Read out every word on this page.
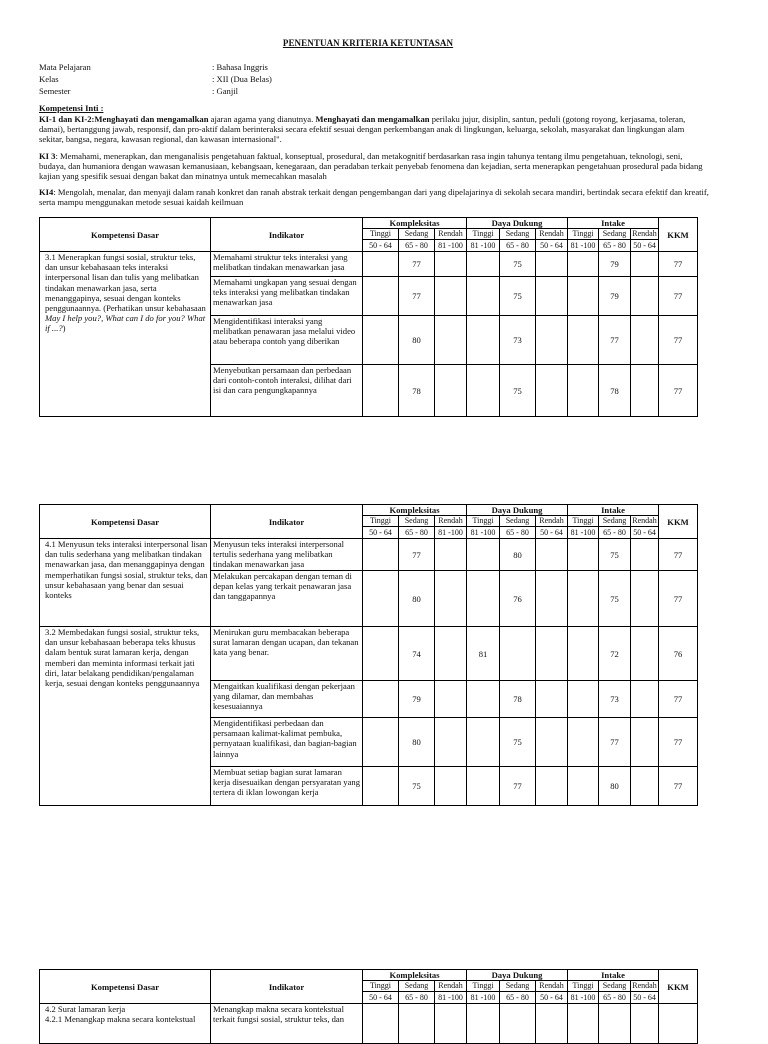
PENENTUAN KRITERIA KETUNTASAN
Mata Pelajaran	: Bahasa Inggris
Kelas	: XII (Dua Belas)
Semester	: Ganjil
Kompetensi Inti :
KI-1 dan KI-2:Menghayati dan mengamalkan ajaran agama yang dianutnya. Menghayati dan mengamalkan perilaku jujur, disiplin, santun, peduli (gotong royong, kerjasama, toleran, damai), bertanggung jawab, responsif, dan pro-aktif dalam berinteraksi secara efektif sesuai dengan perkembangan anak di lingkungan, keluarga, sekolah, masyarakat dan lingkungan alam sekitar, bangsa, negara, kawasan regional, dan kawasan internasional".
KI 3: Memahami, menerapkan, dan menganalisis pengetahuan faktual, konseptual, prosedural, dan metakognitif berdasarkan rasa ingin tahunya tentang ilmu pengetahuan, teknologi, seni, budaya, dan humaniora dengan wawasan kemanusiaan, kebangsaan, kenegaraan, dan peradaban terkait penyebab fenomena dan kejadian, serta menerapkan pengetahuan prosedural pada bidang kajian yang spesifik sesuai dengan bakat dan minatnya untuk memecahkan masalah
KI4: Mengolah, menalar, dan menyaji dalam ranah konkret dan ranah abstrak terkait dengan pengembangan dari yang dipelajarinya di sekolah secara mandiri, bertindak secara efektif dan kreatif, serta mampu menggunakan metode sesuai kaidah keilmuan
Kompetensi Dasar	Indikator	Kompleksitas			Daya Dukung			Intake			KKM
		Tinggi	Sedang	Rendah	Tinggi	Sedang	Rendah	Tinggi	Sedang	Rendah	
		50 - 64	65 - 80	81 -100	81 -100	65 - 80	50 - 64	81 -100	65 - 80	50 - 64	
3.1 Menerapkan fungsi sosial, struktur teks, dan unsur kebahasaan teks interaksi interpersonal lisan dan tulis yang melibatkan tindakan menawarkan jasa, serta menanggapinya, sesuai dengan konteks penggunaannya. (Perhatikan unsur kebahasaan May I help you?, What can I do for you? What if ...?)	Memahami struktur teks interaksi yang melibatkan tindakan menawarkan jasa		77			75			79		77
	Memahami ungkapan yang sesuai dengan teks interaksi yang melibatkan tindakan menawarkan jasa		77			75			79		77
	Mengidentifikasi interaksi yang melibatkan penawaran jasa melalui video atau beberapa contoh yang diberikan		80			73			77		77
	Menyebutkan persamaan dan perbedaan dari contoh-contoh interaksi, dilihat dari isi dan cara pengungkapannya		78			75			78		77
Kompetensi Dasar	Indikator	Kompleksitas			Daya Dukung			Intake			KKM
		Tinggi	Sedang	Rendah	Tinggi	Sedang	Rendah	Tinggi	Sedang	Rendah	
		50 - 64	65 - 80	81 -100	81 -100	65 - 80	50 - 64	81 -100	65 - 80	50 - 64	
4.1 Menyusun teks interaksi interpersonal lisan dan tulis sederhana yang melibatkan tindakan menawarkan jasa, dan menanggapinya dengan memperhatikan fungsi sosial, struktur teks, dan unsur kebahasaan yang benar dan sesuai konteks	Menyusun teks interaksi interpersonal tertulis sederhana yang melibatkan tindakan menawarkan jasa		77			80			75		77
	Melakukan percakapan dengan teman di depan kelas yang terkait penawaran jasa dan tanggapannya		80			76			75		77
3.2 Membedakan fungsi sosial, struktur teks, dan unsur kebahasaan beberapa teks khusus dalam bentuk surat lamaran kerja, dengan memberi dan meminta informasi terkait jati diri, latar belakang pendidikan/pengalaman kerja, sesuai dengan konteks penggunaannya	Menirukan guru membacakan beberapa surat lamaran dengan ucapan, dan tekanan kata yang benar.		74		81				72		76
	Mengaitkan kualifikasi dengan pekerjaan yang dilamar, dan membahas kesesuaiannya		79			78			73		77
	Mengidentifikasi perbedaan dan persamaan kalimat-kalimat pembuka, pernyataan kualifikasi, dan bagian-bagian lainnya		80			75			77		77
	Membuat setiap bagian surat lamaran kerja disesuaikan dengan persyaratan yang tertera di iklan lowongan kerja		75			77			80		77
Kompetensi Dasar	Indikator	Kompleksitas			Daya Dukung			Intake			KKM
		Tinggi	Sedang	Rendah	Tinggi	Sedang	Rendah	Tinggi	Sedang	Rendah	
		50 - 64	65 - 80	81 -100	81 -100	65 - 80	50 - 64	81 -100	65 - 80	50 - 64	
4.2 Surat lamaran kerja
4.2.1 Menangkap makna secara kontekstual	Menangkap makna secara kontekstual terkait fungsi sosial, struktur teks, dan										
